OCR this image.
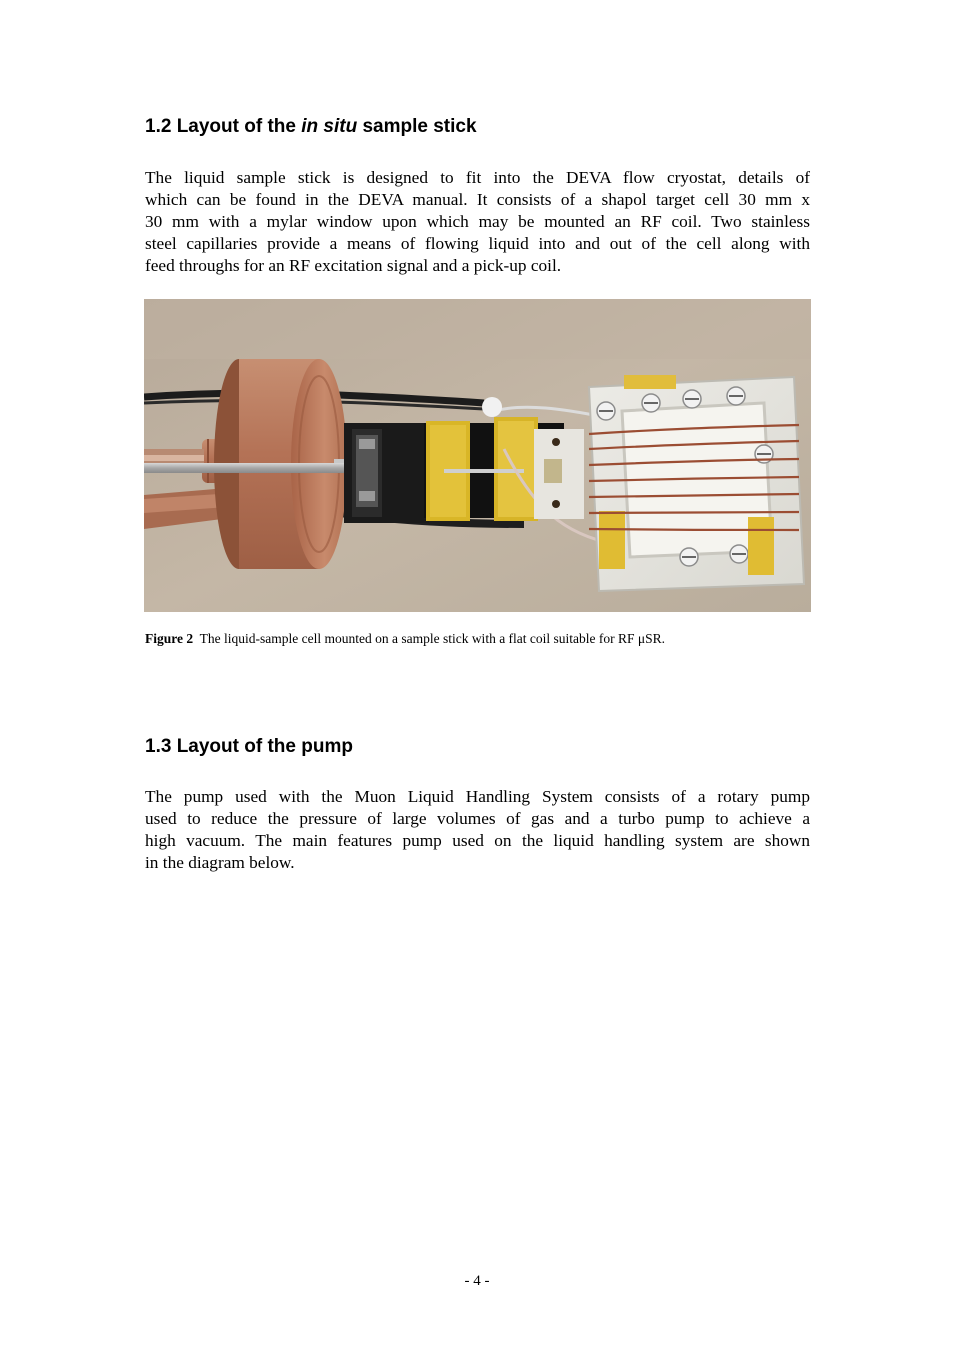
1.2 Layout of the in situ sample stick

The liquid sample stick is designed to fit into the DEVA flow cryostat, details of
which can be found in the DEVA manual. It consists of a shapol target cell 30 mm x
30 mm with a mylar window upon which may be mounted an RF coil. Two stainless
steel capillaries provide a means of flowing liquid into and out of the cell along with
feed throughs for an RF excitation signal and a pick-up coil.

Figure 2  The liquid-sample cell mounted on a sample stick with a flat coil suitable for RF μSR.
1.3 Layout of the pump

The pump used with the Muon Liquid Handling System consists of a rotary pump
used to reduce the pressure of large volumes of gas and a turbo pump to achieve a
high vacuum. The main features pump used on the liquid handling system are shown
in the diagram below.

- 4 -
